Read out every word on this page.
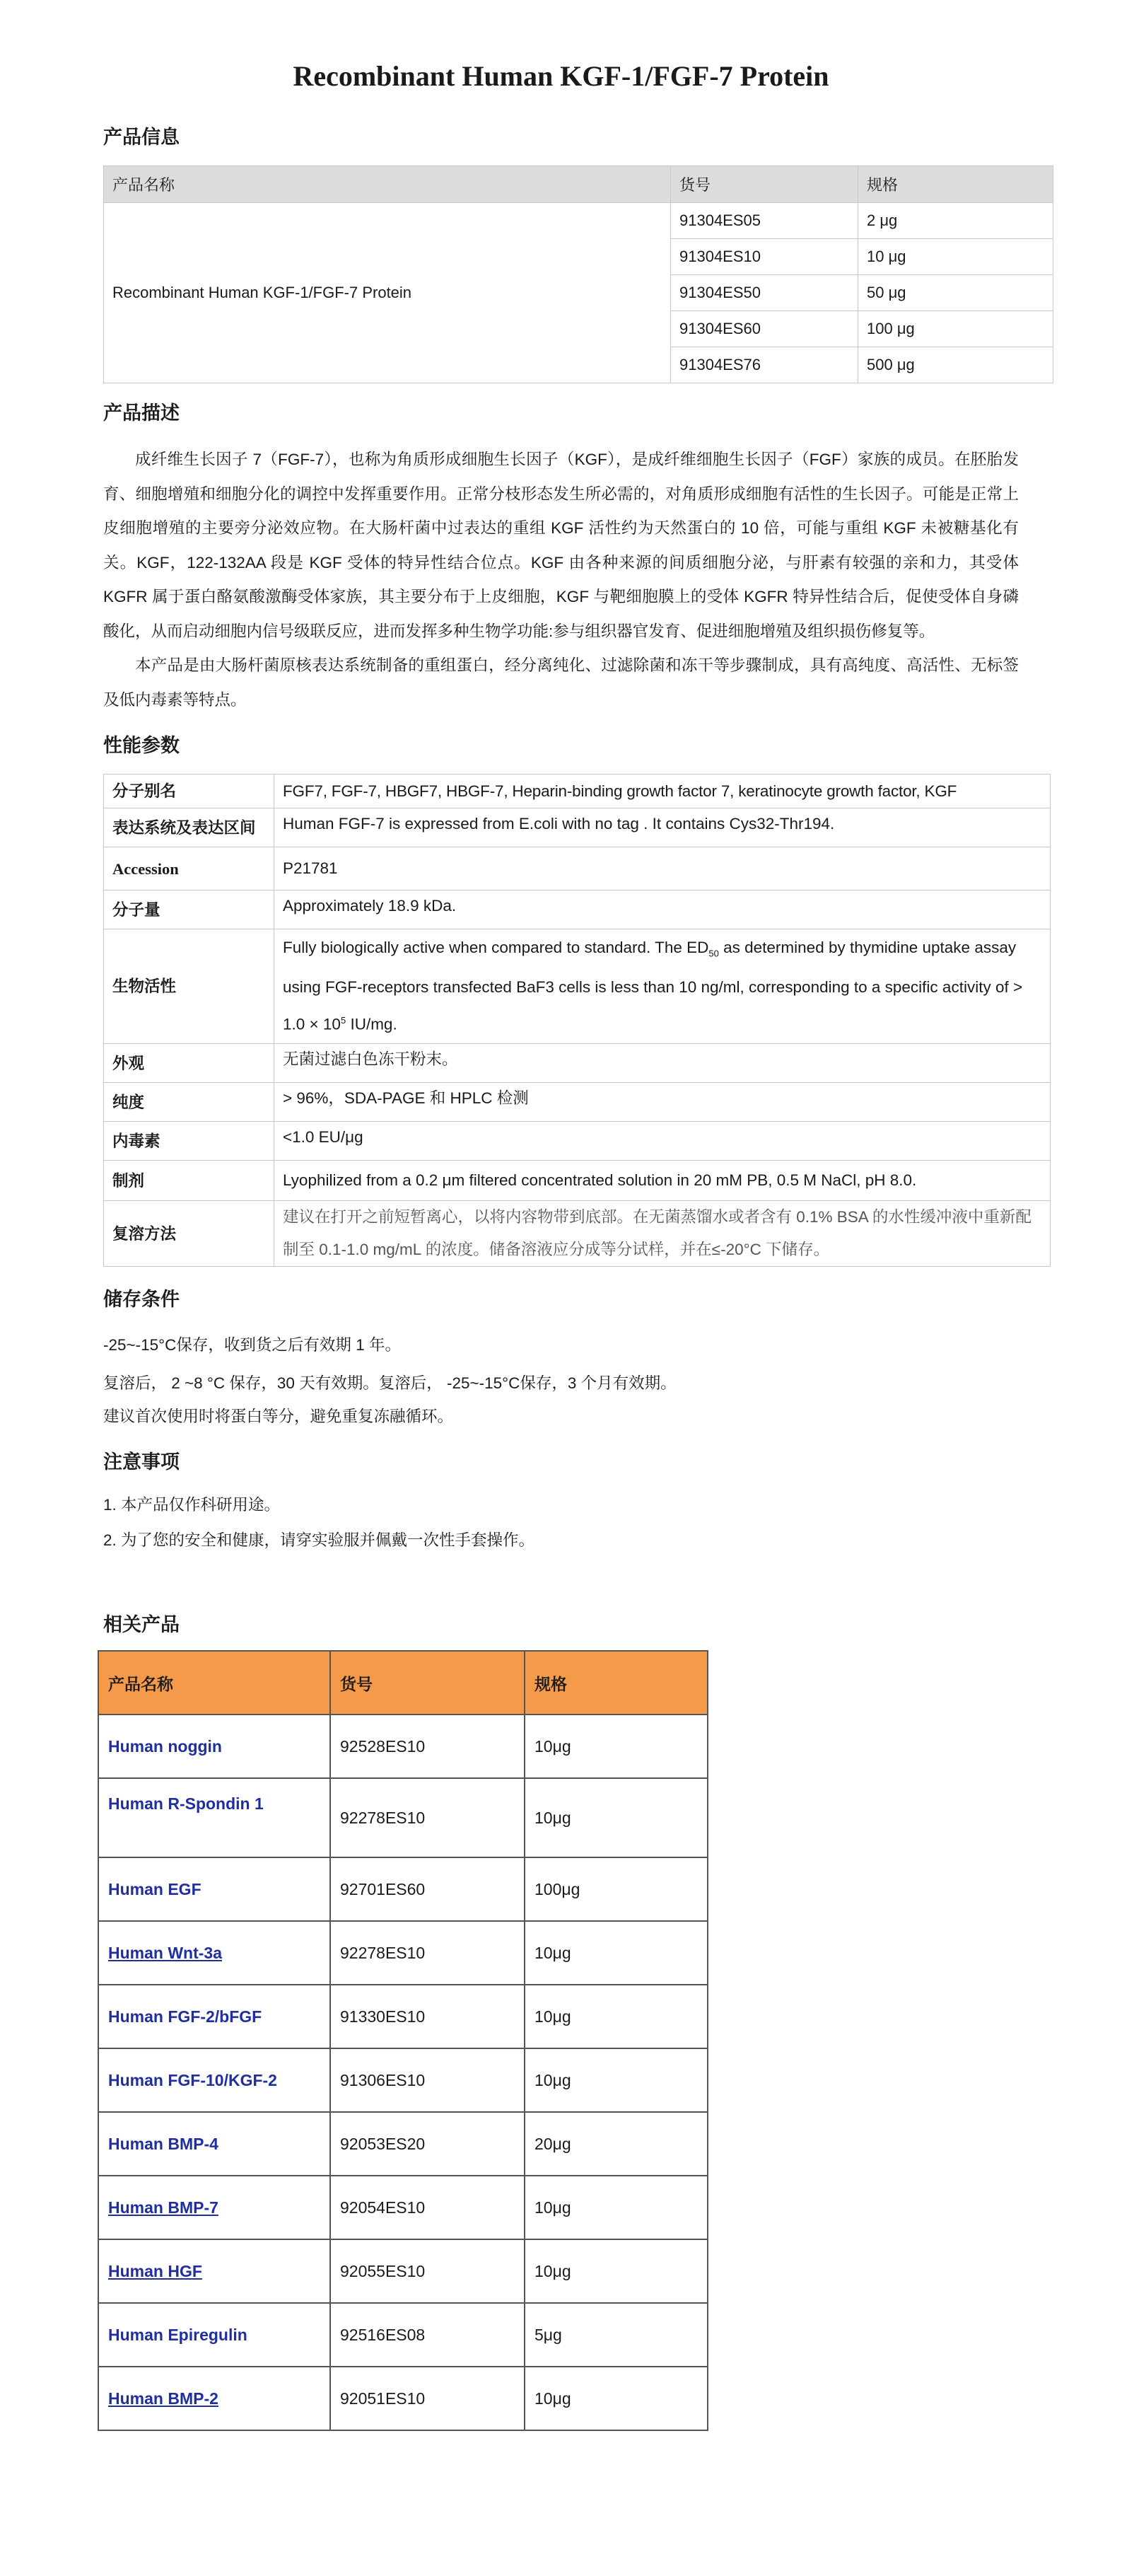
Recombinant Human KGF-1/FGF-7 Protein
产品信息
产品名称	货号	规格
Recombinant Human KGF-1/FGF-7 Protein	91304ES05	2 μg
	91304ES10	10 μg
	91304ES50	50 μg
	91304ES60	100 μg
	91304ES76	500 μg
产品描述

成纤维生长因子 7（FGF-7），也称为角质形成细胞生长因子（KGF），是成纤维细胞生长因子（FGF）家族的成员。在胚胎发育、细胞增殖和细胞分化的调控中发挥重要作用。正常分枝形态发生所必需的，对角质形成细胞有活性的生长因子。可能是正常上皮细胞增殖的主要旁分泌效应物。在大肠杆菌中过表达的重组 KGF 活性约为天然蛋白的 10 倍，可能与重组 KGF 未被糖基化有关。KGF，122-132AA 段是 KGF 受体的特异性结合位点。KGF 由各种来源的间质细胞分泌，与肝素有较强的亲和力，其受体 KGFR 属于蛋白酪氨酸激酶受体家族，其主要分布于上皮细胞，KGF 与靶细胞膜上的受体 KGFR 特异性结合后，促使受体自身磷酸化，从而启动细胞内信号级联反应，进而发挥多种生物学功能:参与组织器官发育、促进细胞增殖及组织损伤修复等。

本产品是由大肠杆菌原核表达系统制备的重组蛋白，经分离纯化、过滤除菌和冻干等步骤制成，具有高纯度、高活性、无标签及低内毒素等特点。

性能参数
分子别名	FGF7, FGF-7, HBGF7, HBGF-7, Heparin-binding growth factor 7, keratinocyte growth factor, KGF
表达系统及表达区间	Human FGF-7 is expressed from E.coli with no tag . It contains Cys32-Thr194.
Accession	P21781
分子量	Approximately 18.9 kDa.
生物活性	Fully biologically active when compared to standard. The $ED_{50}$ as determined by thymidine uptake assay using FGF-receptors transfected BaF3 cells is less than 10 ng/ml, corresponding to a specific activity of > $1.0 \times 10^5$ IU/mg.
外观	无菌过滤白色冻干粉末。
纯度	> 96%，SDA-PAGE 和 HPLC 检测
内毒素	<1.0 EU/μg
制剂	Lyophilized from a 0.2 μm filtered concentrated solution in 20 mM PB, 0.5 M NaCl, pH 8.0.
复溶方法	建议在打开之前短暂离心，以将内容物带到底部。在无菌蒸馏水或者含有 0.1% BSA 的水性缓冲液中重新配制至 0.1-1.0 mg/mL 的浓度。储备溶液应分成等分试样，并在≤-20°C 下储存。
储存条件
-25~-15°C保存，收到货之后有效期 1 年。
复溶后， 2 ~8 °C 保存，30 天有效期。复溶后， -25~-15°C保存，3 个月有效期。
建议首次使用时将蛋白等分，避免重复冻融循环。
注意事项
1. 本产品仅作科研用途。
2. 为了您的安全和健康，请穿实验服并佩戴一次性手套操作。
相关产品
产品名称	货号	规格
Human noggin	92528ES10	10μg
Human R-Spondin 1	92278ES10	10μg
Human EGF	92701ES60	100μg
Human Wnt-3a	92278ES10	10μg
Human FGF-2/bFGF	91330ES10	10μg
Human FGF-10/KGF-2	91306ES10	10μg
Human BMP-4	92053ES20	20μg
Human BMP-7	92054ES10	10μg
Human HGF	92055ES10	10μg
Human Epiregulin	92516ES08	5μg
Human BMP-2	92051ES10	10μg
